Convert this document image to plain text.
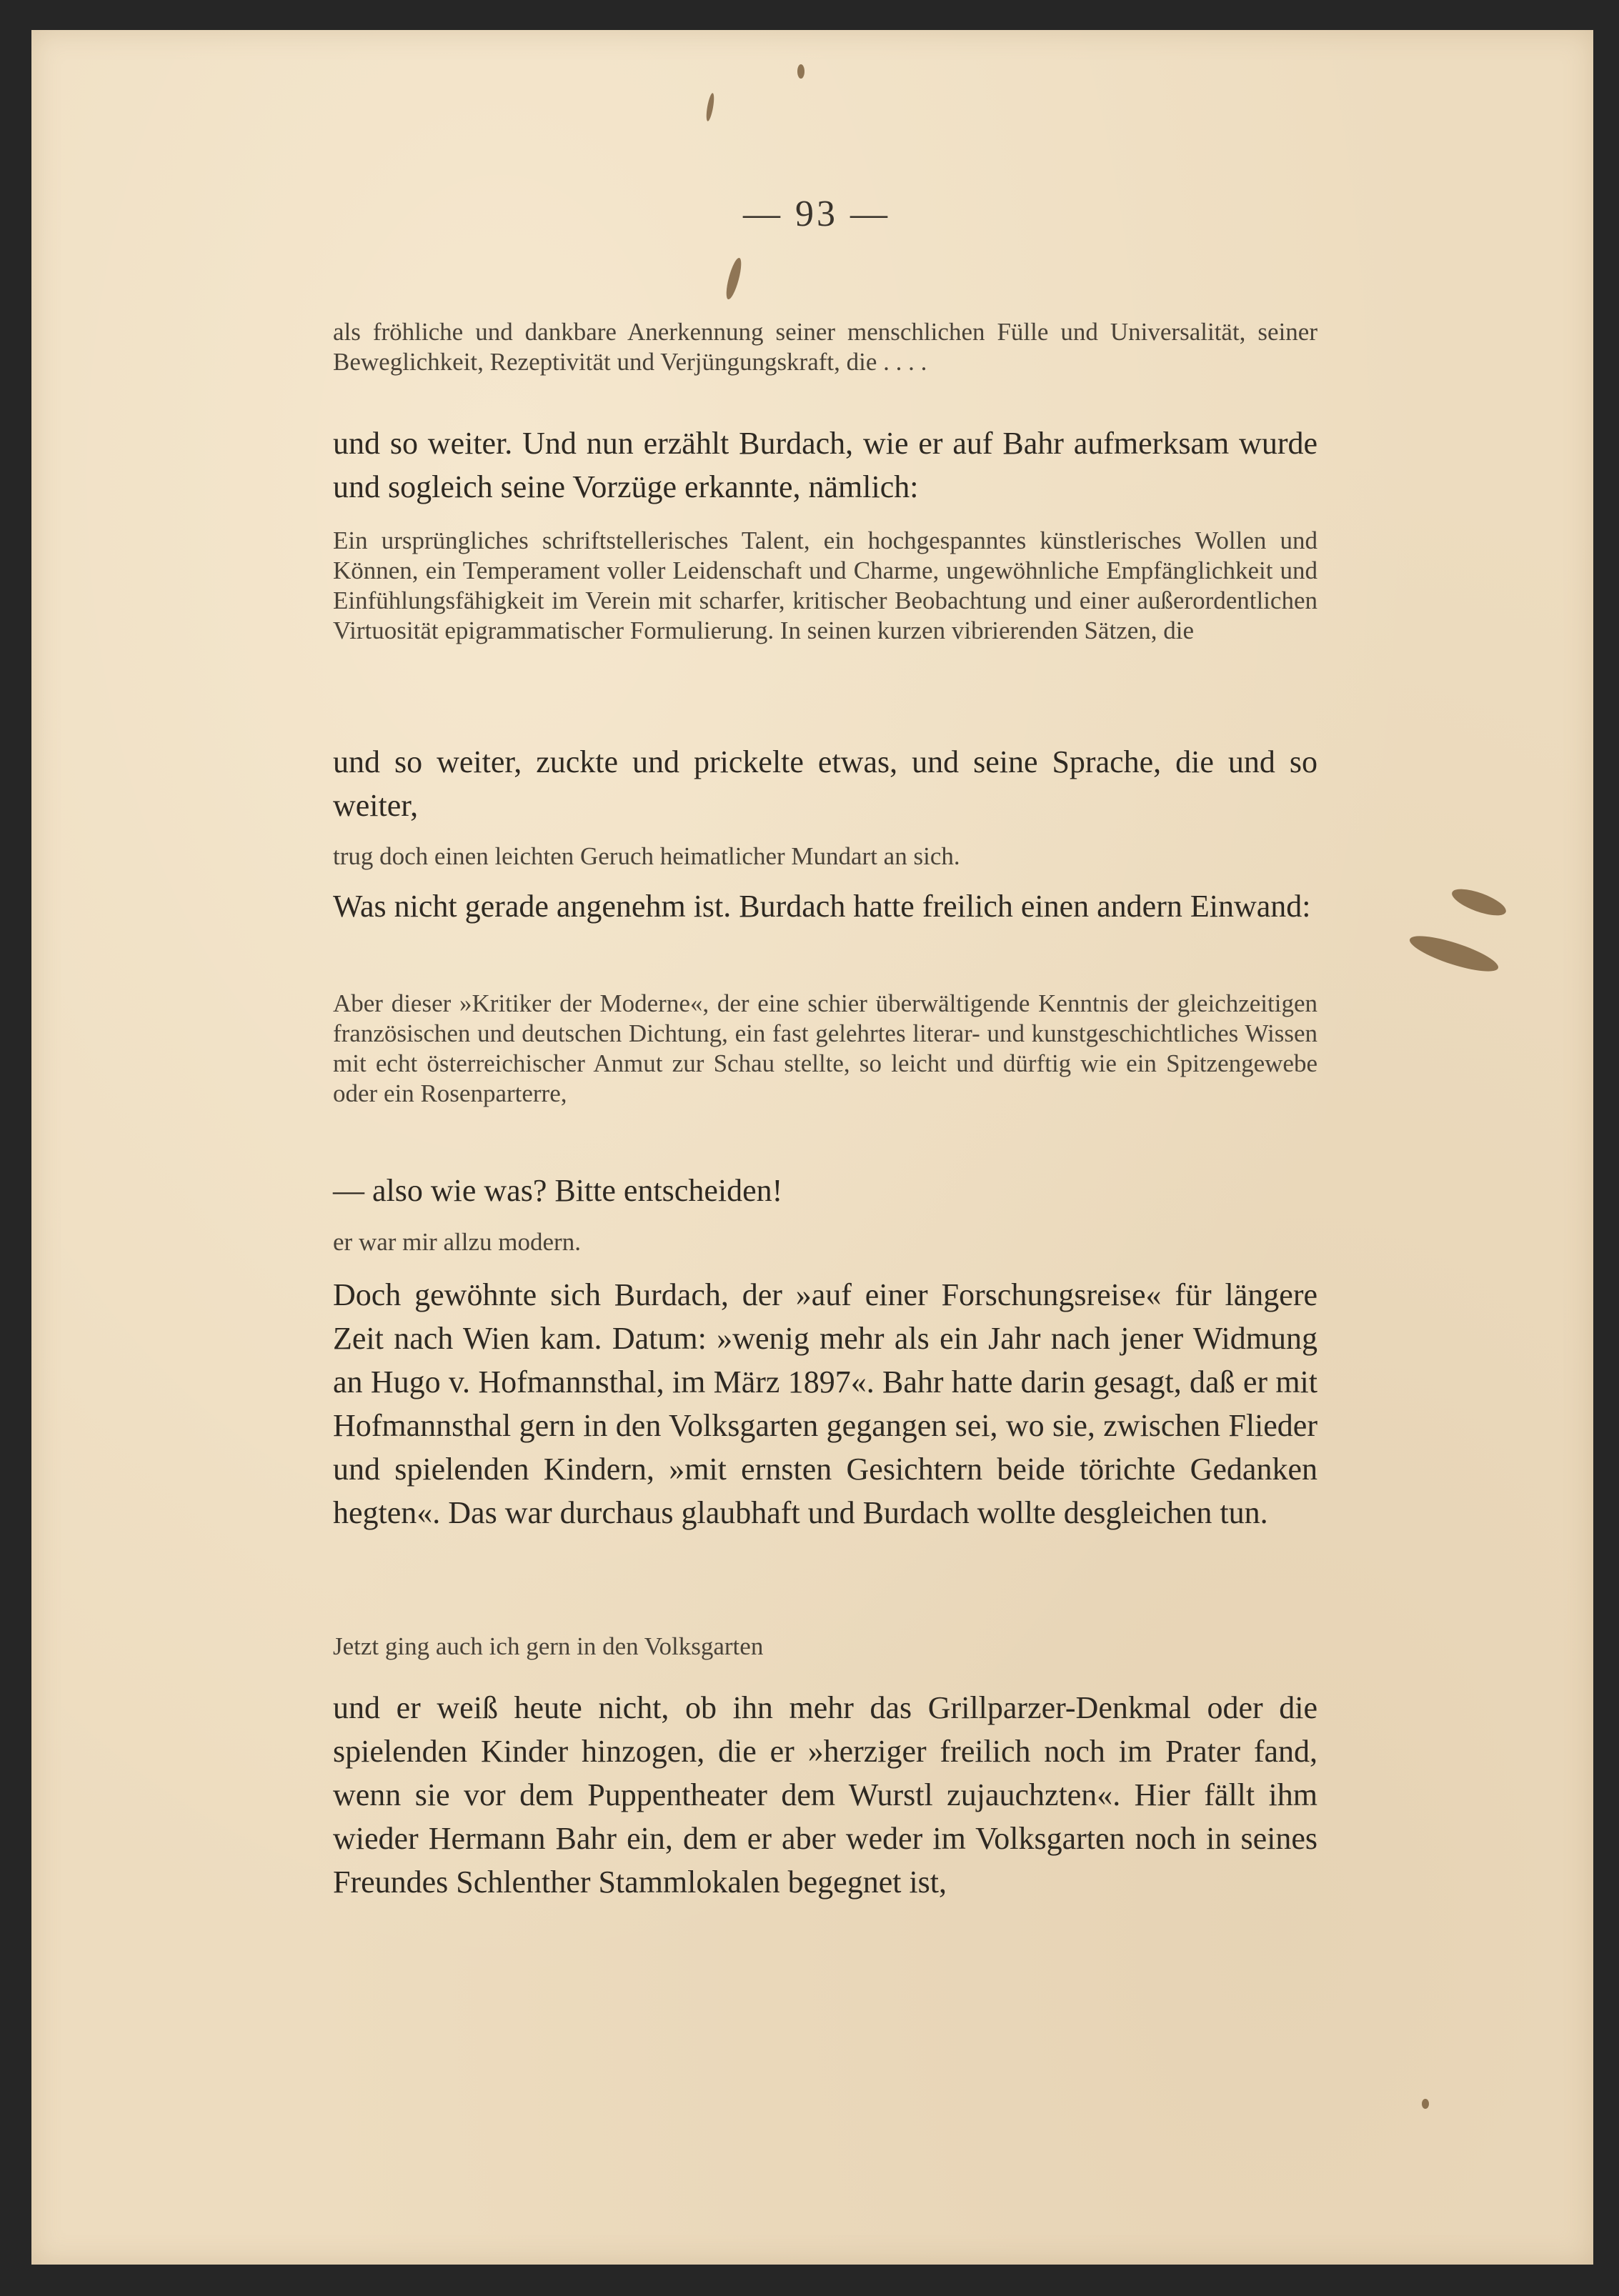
— 93 —
als fröhliche und dankbare Anerkennung seiner menschlichen Fülle und Universalität, seiner Beweglichkeit, Rezeptivität und Verjüngungskraft, die . . . .
und so weiter. Und nun erzählt Burdach, wie er auf Bahr aufmerksam wurde und sogleich seine Vorzüge erkannte, nämlich:
Ein ursprüngliches schriftstellerisches Talent, ein hochgespanntes künstlerisches Wollen und Können, ein Temperament voller Leidenschaft und Charme, ungewöhnliche Empfänglichkeit und Einfühlungsfähigkeit im Verein mit scharfer, kritischer Beobachtung und einer außerordentlichen Virtuosität epigrammatischer Formulierung. In seinen kurzen vibrierenden Sätzen, die
und so weiter, zuckte und prickelte etwas, und seine Sprache, die und so weiter,
trug doch einen leichten Geruch heimatlicher Mundart an sich.
Was nicht gerade angenehm ist. Burdach hatte freilich einen andern Einwand:
Aber dieser »Kritiker der Moderne«, der eine schier überwältigende Kenntnis der gleichzeitigen französischen und deutschen Dichtung, ein fast gelehrtes literar- und kunstgeschichtliches Wissen mit echt österreichischer Anmut zur Schau stellte, so leicht und dürftig wie ein Spitzengewebe oder ein Rosenparterre,
— also wie was? Bitte entscheiden!
er war mir allzu modern.
Doch gewöhnte sich Burdach, der »auf einer Forschungsreise« für längere Zeit nach Wien kam. Datum: »wenig mehr als ein Jahr nach jener Widmung an Hugo v. Hofmannsthal, im März 1897«. Bahr hatte darin gesagt, daß er mit Hofmannsthal gern in den Volksgarten gegangen sei, wo sie, zwischen Flieder und spielenden Kindern, »mit ernsten Gesichtern beide törichte Gedanken hegten«. Das war durchaus glaubhaft und Burdach wollte desgleichen tun.
Jetzt ging auch ich gern in den Volksgarten
und er weiß heute nicht, ob ihn mehr das Grillparzer-Denkmal oder die spielenden Kinder hinzogen, die er »herziger freilich noch im Prater fand, wenn sie vor dem Puppentheater dem Wurstl zujauchzten«. Hier fällt ihm wieder Hermann Bahr ein, dem er aber weder im Volksgarten noch in seines Freundes Schlenther Stammlokalen begegnet ist,
